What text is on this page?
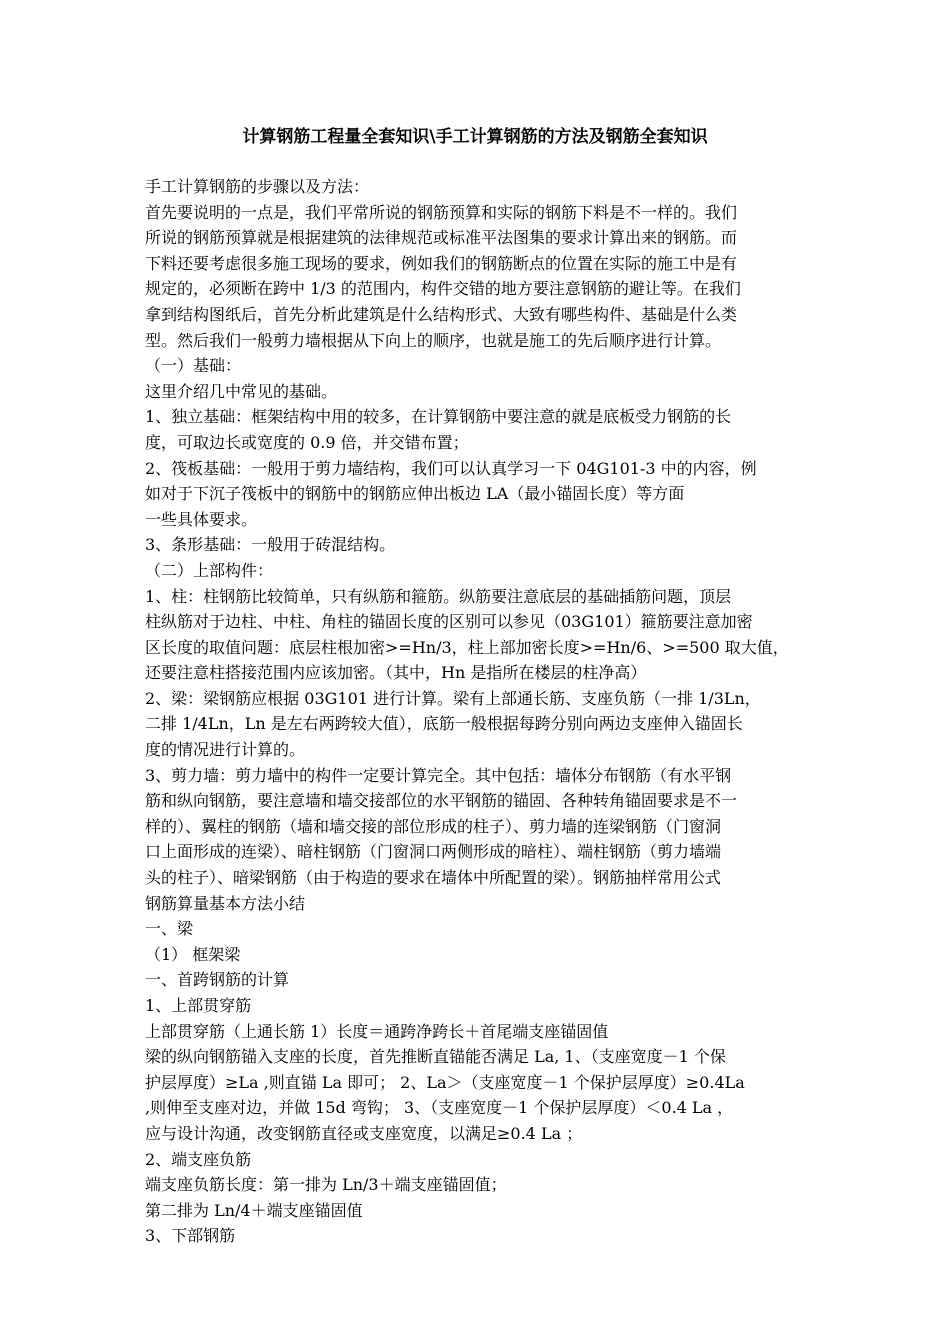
计算钢筋工程量全套知识\手工计算钢筋的方法及钢筋全套知识
手工计算钢筋的步骤以及方法：
首先要说明的一点是，我们平常所说的钢筋预算和实际的钢筋下料是不一样的。我们
所说的钢筋预算就是根据建筑的法律规范或标准平法图集的要求计算出来的钢筋。而
下料还要考虑很多施工现场的要求，例如我们的钢筋断点的位置在实际的施工中是有
规定的，必须断在跨中 1/3 的范围内，构件交错的地方要注意钢筋的避让等。在我们
拿到结构图纸后，首先分析此建筑是什么结构形式、大致有哪些构件、基础是什么类
型。然后我们一般剪力墙根据从下向上的顺序，也就是施工的先后顺序进行计算。
（一）基础：
这里介绍几中常见的基础。
1、独立基础：框架结构中用的较多，在计算钢筋中要注意的就是底板受力钢筋的长
度，可取边长或宽度的 0.9 倍，并交错布置；
2、筏板基础：一般用于剪力墙结构，我们可以认真学习一下 04G101-3 中的内容，例
如对于下沉子筏板中的钢筋中的钢筋应伸出板边 LA（最小锚固长度）等方面
一些具体要求。
3、条形基础：一般用于砖混结构。
（二）上部构件：
1、柱：柱钢筋比较简单，只有纵筋和箍筋。纵筋要注意底层的基础插筋问题，顶层
柱纵筋对于边柱、中柱、角柱的锚固长度的区别可以参见（03G101）箍筋要注意加密
区长度的取值问题：底层柱根加密>=Hn/3，柱上部加密长度>=Hn/6、>=500 取大值，
还要注意柱搭接范围内应该加密。（其中，Hn 是指所在楼层的柱净高）
2、梁：梁钢筋应根据 03G101 进行计算。梁有上部通长筋、支座负筋（一排 1/3Ln，
二排 1/4Ln，Ln 是左右两跨较大值），底筋一般根据每跨分别向两边支座伸入锚固长
度的情况进行计算的。
3、剪力墙：剪力墙中的构件一定要计算完全。其中包括：墙体分布钢筋（有水平钢
筋和纵向钢筋，要注意墙和墙交接部位的水平钢筋的锚固、各种转角锚固要求是不一
样的）、翼柱的钢筋（墙和墙交接的部位形成的柱子）、剪力墙的连梁钢筋（门窗洞
口上面形成的连梁）、暗柱钢筋（门窗洞口两侧形成的暗柱）、端柱钢筋（剪力墙端
头的柱子）、暗梁钢筋（由于构造的要求在墙体中所配置的梁）。钢筋抽样常用公式
钢筋算量基本方法小结
一、梁
（1） 框架梁
一、首跨钢筋的计算
1、上部贯穿筋
上部贯穿筋（上通长筋 1）长度＝通跨净跨长＋首尾端支座锚固值
梁的纵向钢筋锚入支座的长度，首先推断直锚能否满足 La, 1、（支座宽度－1 个保
护层厚度）≥La ,则直锚 La 即可； 2、La＞（支座宽度－1 个保护层厚度）≥0.4La
,则伸至支座对边，并做 15d 弯钩； 3、（支座宽度－1 个保护层厚度）＜0.4 La ，
应与设计沟通，改变钢筋直径或支座宽度，以满足≥0.4 La ；
2、端支座负筋
端支座负筋长度：第一排为 Ln/3＋端支座锚固值；
第二排为 Ln/4＋端支座锚固值
3、下部钢筋
